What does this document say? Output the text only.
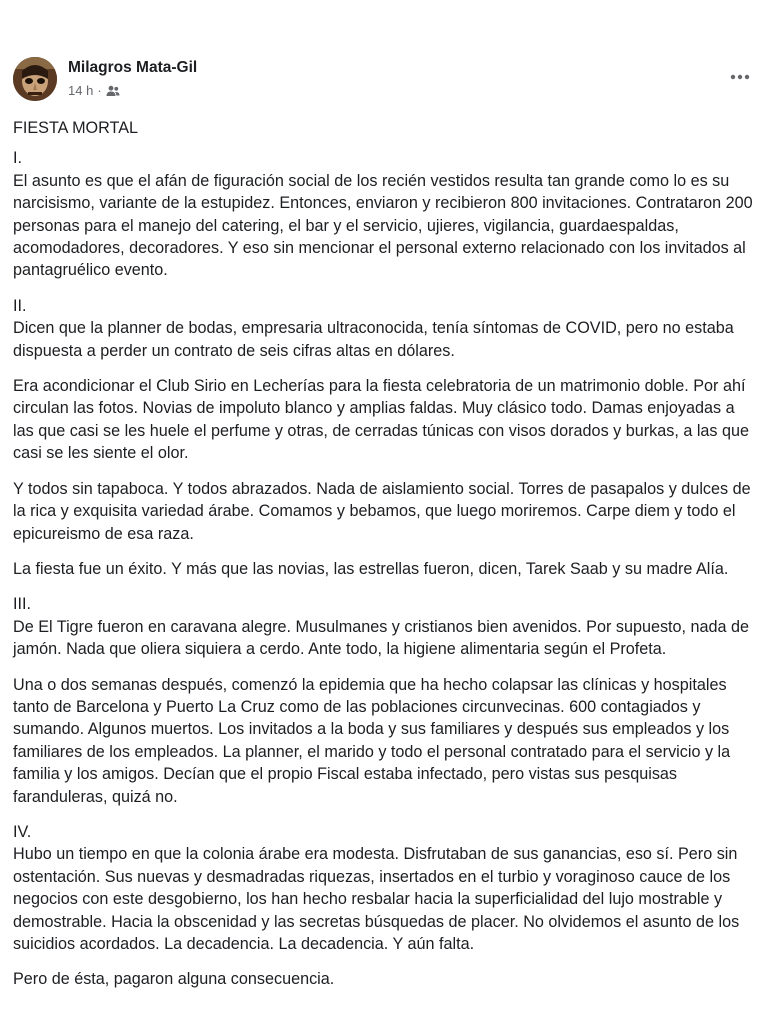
Milagros Mata-Gil
14 h ·

FIESTA MORTAL

I.

El asunto es que el afán de figuración social de los recién vestidos resulta tan grande como lo es su narcisismo, variante de la estupidez. Entonces, enviaron y recibieron 800 invitaciones. Contrataron 200 personas para el manejo del catering, el bar y el servicio, ujieres, vigilancia, guardaespaldas, acomodadores, decoradores. Y eso sin mencionar el personal externo relacionado con los invitados al pantagruélico evento.

II.

Dicen que la planner de bodas, empresaria ultraconocida, tenía síntomas de COVID, pero no estaba dispuesta a perder un contrato de seis cifras altas en dólares.

Era acondicionar el Club Sirio en Lecherías para la fiesta celebratoria de un matrimonio doble. Por ahí circulan las fotos. Novias de impoluto blanco y amplias faldas. Muy clásico todo. Damas enjoyadas a las que casi se les huele el perfume y otras, de cerradas túnicas con visos dorados y burkas, a las que casi se les siente el olor.

Y todos sin tapaboca. Y todos abrazados. Nada de aislamiento social. Torres de pasapalos y dulces de la rica y exquisita variedad árabe. Comamos y bebamos, que luego moriremos. Carpe diem y todo el epicureismo de esa raza.

La fiesta fue un éxito. Y más que las novias, las estrellas fueron, dicen, Tarek Saab y su madre Alía.

III.

De El Tigre fueron en caravana alegre. Musulmanes y cristianos bien avenidos. Por supuesto, nada de jamón. Nada que oliera siquiera a cerdo. Ante todo, la higiene alimentaria según el Profeta.

Una o dos semanas después, comenzó la epidemia que ha hecho colapsar las clínicas y hospitales tanto de Barcelona y Puerto La Cruz como de las poblaciones circunvecinas. 600 contagiados y sumando. Algunos muertos. Los invitados a la boda y sus familiares y después sus empleados y los familiares de los empleados. La planner, el marido y todo el personal contratado para el servicio y la familia y los amigos. Decían que el propio Fiscal estaba infectado, pero vistas sus pesquisas faranduleras, quizá no.

IV.

Hubo un tiempo en que la colonia árabe era modesta. Disfrutaban de sus ganancias, eso sí. Pero sin ostentación. Sus nuevas y desmadradas riquezas, insertados en el turbio y voraginoso cauce de los negocios con este desgobierno, los han hecho resbalar hacia la superficialidad del lujo mostrable y demostrable. Hacia la obscenidad y las secretas búsquedas de placer. No olvidemos el asunto de los suicidios acordados. La decadencia. La decadencia. Y aún falta.

Pero de ésta, pagaron alguna consecuencia.
